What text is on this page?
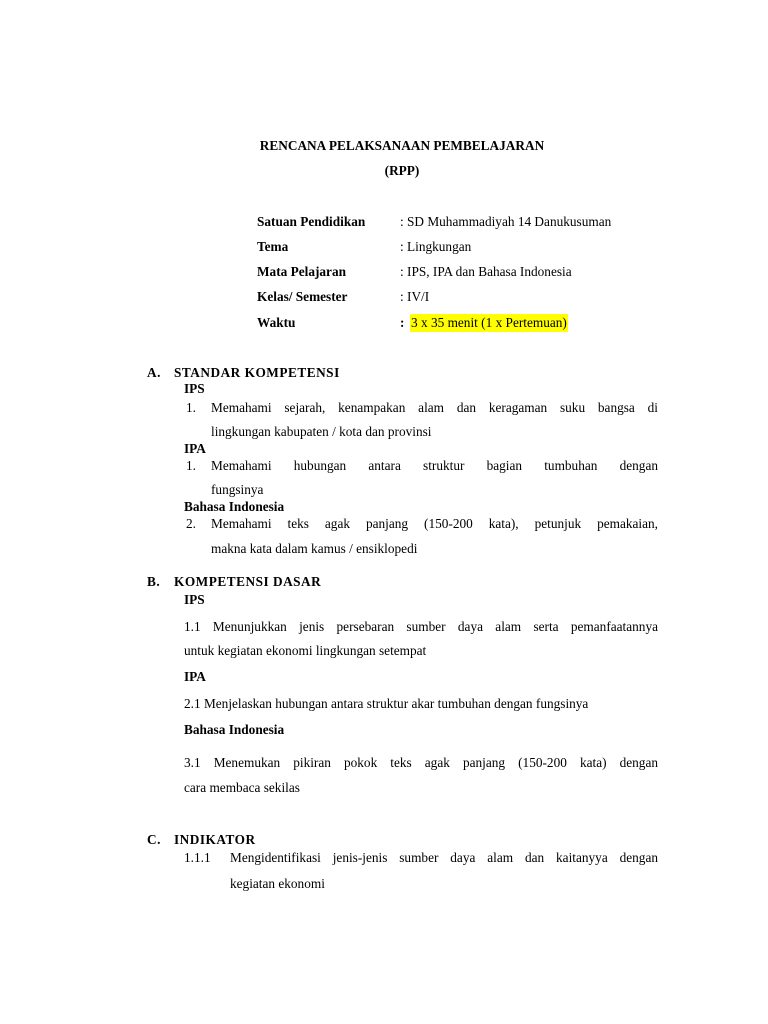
RENCANA PELAKSANAAN PEMBELAJARAN
(RPP)
Satuan Pendidikan	: SD Muhammadiyah 14 Danukusuman
Tema	: Lingkungan
Mata Pelajaran	: IPS, IPA dan Bahasa Indonesia
Kelas/ Semester	: IV/I
Waktu	: 3 x 35 menit (1 x Pertemuan)
A. STANDAR KOMPETENSI
IPS
1. Memahami sejarah, kenampakan alam dan keragaman suku bangsa di
lingkungan kabupaten / kota dan provinsi
IPA
1. Memahami hubungan antara struktur bagian tumbuhan dengan
fungsinya
Bahasa Indonesia
2. Memahami teks agak panjang (150-200 kata), petunjuk pemakaian,
makna kata dalam kamus / ensiklopedi
B. KOMPETENSI DASAR
IPS
1.1 Menunjukkan jenis persebaran sumber daya alam serta pemanfaatannya
untuk kegiatan ekonomi lingkungan setempat
IPA
2.1 Menjelaskan hubungan antara struktur akar tumbuhan dengan fungsinya
Bahasa Indonesia
3.1 Menemukan pikiran pokok teks agak panjang (150-200 kata) dengan
cara membaca sekilas
C. INDIKATOR
1.1.1 Mengidentifikasi jenis-jenis sumber daya alam dan kaitanyya dengan
kegiatan ekonomi
